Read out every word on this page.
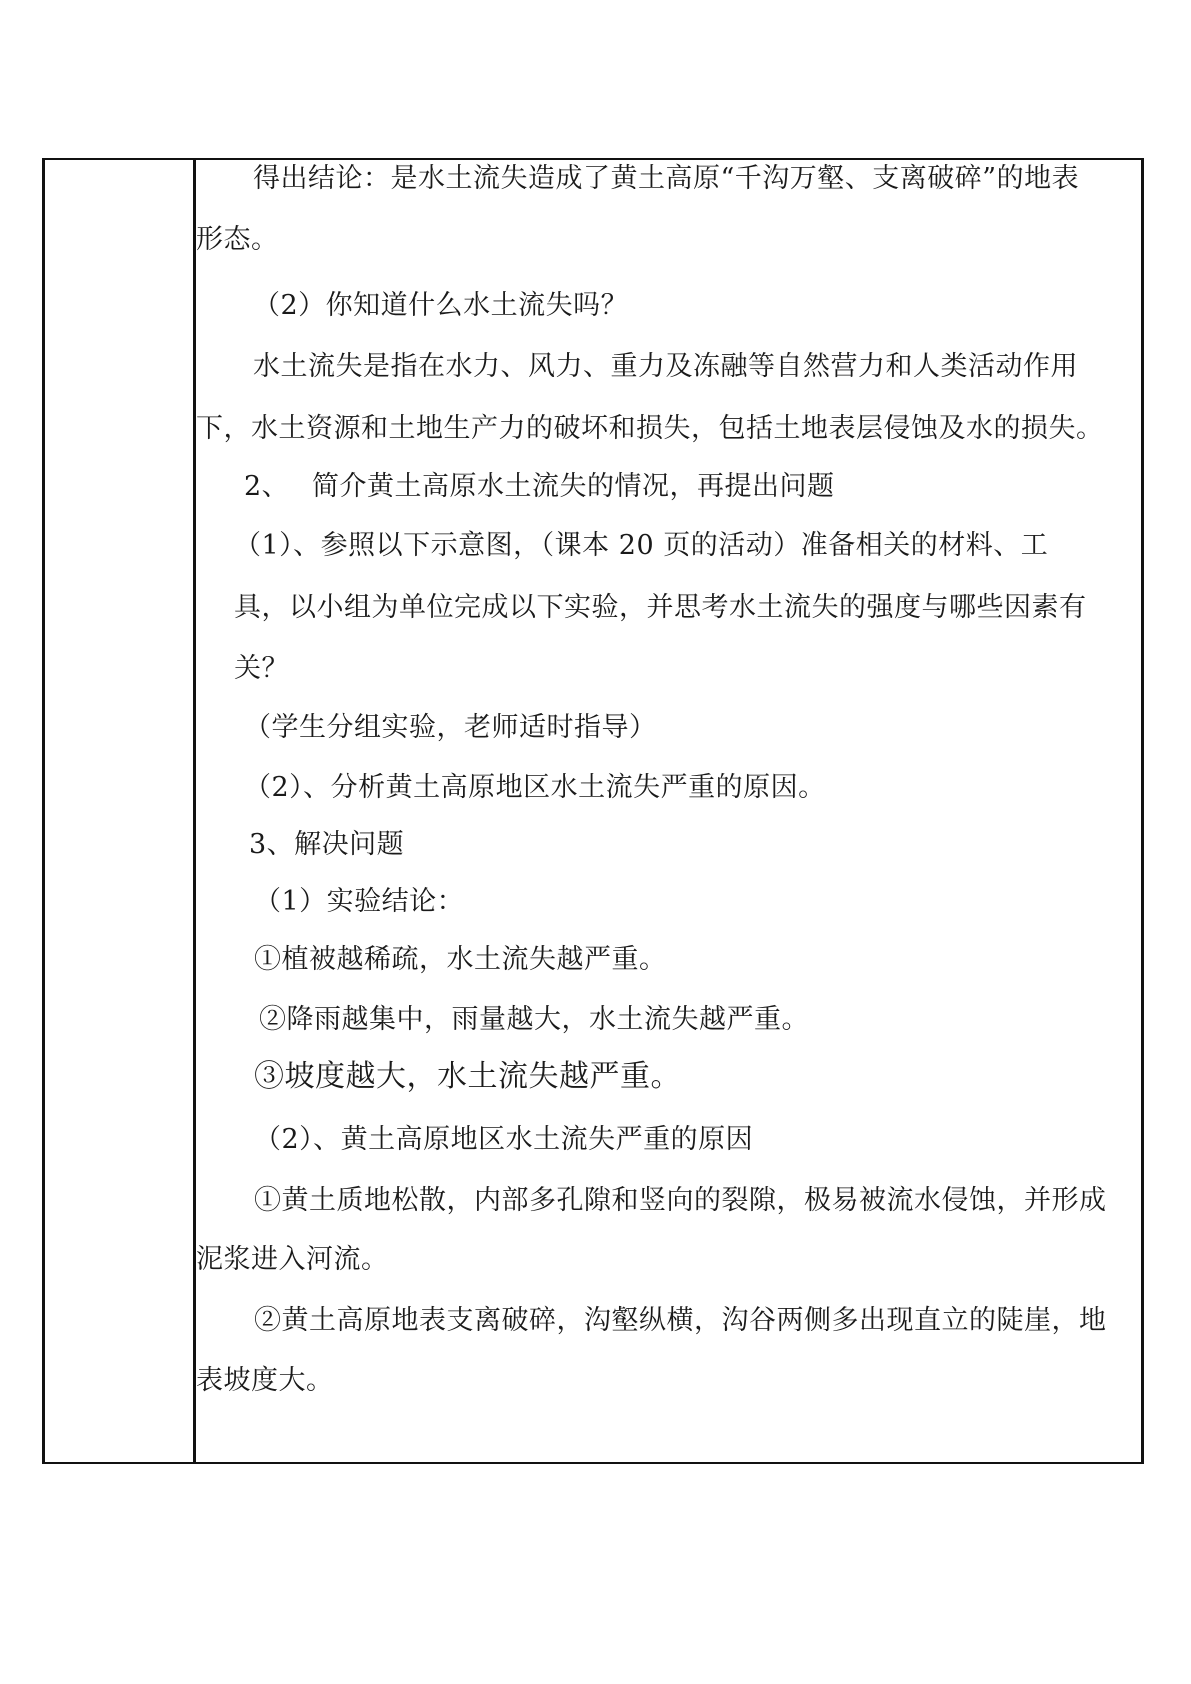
得出结论：是水土流失造成了黄土高原“千沟万壑、支离破碎”的地表
形态。
（2）你知道什么水土流失吗？
水土流失是指在水力、风力、重力及冻融等自然营力和人类活动作用
下，水土资源和土地生产力的破坏和损失，包括土地表层侵蚀及水的损失。
2、 简介黄土高原水土流失的情况，再提出问题
（1）、参照以下示意图，（课本 20 页的活动）准备相关的材料、工
具，以小组为单位完成以下实验，并思考水土流失的强度与哪些因素有
关？
（学生分组实验，老师适时指导）
（2）、分析黄土高原地区水土流失严重的原因。
3、解决问题
（1）实验结论：
①植被越稀疏，水土流失越严重。
②降雨越集中，雨量越大，水土流失越严重。
③坡度越大，水土流失越严重。
（2）、黄土高原地区水土流失严重的原因
①黄土质地松散，内部多孔隙和竖向的裂隙，极易被流水侵蚀，并形成
泥浆进入河流。
②黄土高原地表支离破碎，沟壑纵横，沟谷两侧多出现直立的陡崖，地
表坡度大。
